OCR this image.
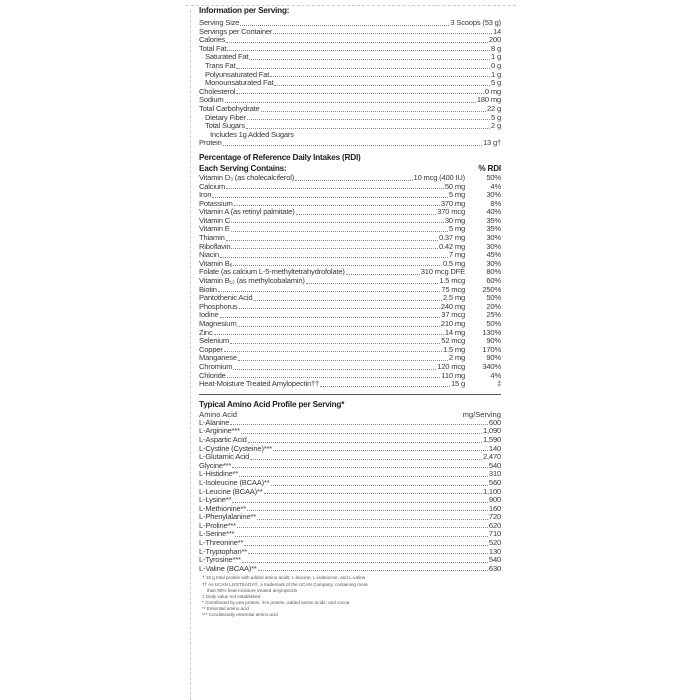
Information per Serving:
Serving Size	3 Scoops (53 g)
Servings per Container	14
Calories	200
Total Fat	8 g
Saturated Fat	1 g
Trans Fat	0 g
Polyunsaturated Fat	1 g
Monounsaturated Fat	5 g
Cholesterol	0 mg
Sodium	180 mg
Total Carbohydrate	22 g
Dietary Fiber	5 g
Total Sugars	2 g
Includes 1g Added Sugars
Protein	13 g†
Percentage of Reference Daily Intakes (RDI)
Each Serving Contains:	% RDI
Vitamin D₃ (as cholecalciferol)	10 mcg (400 IU)	50%
Calcium	50 mg	4%
Iron	5 mg	30%
Potassium	370 mg	8%
Vitamin A (as retinyl palmitate)	370 mcg	40%
Vitamin C	30 mg	35%
Vitamin E	5 mg	35%
Thiamin	0.37 mg	30%
Riboflavin	0.42 mg	30%
Niacin	7 mg	45%
Vitamin B₆	0.5 mg	30%
Folate (as calcium L-5-methyltetrahydrofolate)	310 mcg DFE	80%
Vitamin B₁₂ (as methylcobalamin)	1.5 mcg	60%
Biotin	75 mcg	250%
Pantothenic Acid	2.5 mg	50%
Phosphorus	240 mg	20%
Iodine	37 mcg	25%
Magnesium	210 mg	50%
Zinc	14 mg	130%
Selenium	52 mcg	90%
Copper	1.5 mg	170%
Manganese	2 mg	90%
Chromium	120 mcg	340%
Chloride	110 mg	4%
Heat-Moisture Treated Amylopectin††	15 g	‡
Typical Amino Acid Profile per Serving*
Amino Acid	mg/Serving
L-Alanine	600
L-Arginine***	1,090
L-Aspartic Acid	1,590
L-Cystine (Cysteine)***	140
L-Glutamic Acid	2,470
Glycine***	540
L-Histidine**	310
L-Isoleucine (BCAA)**	560
L-Leucine (BCAA)**	1,100
L-Lysine**	900
L-Methionine**	160
L-Phenylalanine**	720
L-Proline***	620
L-Serine***	710
L-Threonine**	520
L-Tryptophan**	130
L-Tyrosine***	540
L-Valine (BCAA)**	630
† 15 g total protein with added amino acids: L-leucine, L-isoleucine, and L-valine
†† As UCAN LIVSTEADY®, a trademark of the UCAN Company, containing more
than 90% heat-moisture treated amylopectin
‡ Daily value not established
* Contributed by pea protein, rice protein, added amino acids, and cocoa
** Essential amino acid
*** Conditionally essential amino acid
